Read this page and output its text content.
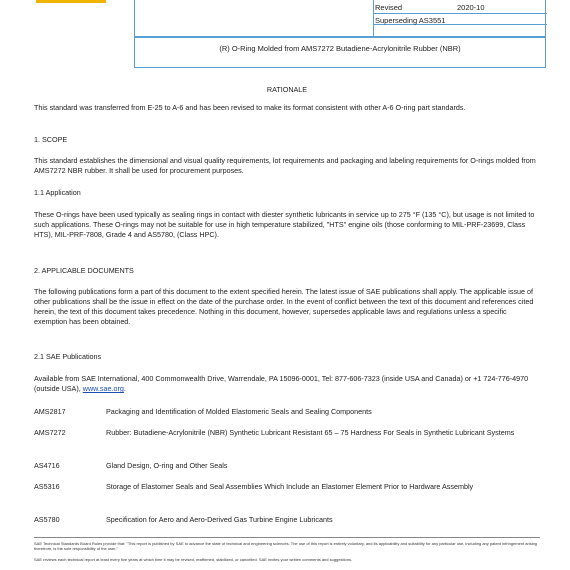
Revised	2020-10
Superseding AS3551
(R) O-Ring Molded from AMS7272 Butadiene-Acrylonitrile Rubber (NBR)
RATIONALE
This standard was transferred from E-25 to A-6 and has been revised to make its format consistent with other A-6 O-ring part standards.
1. SCOPE
This standard establishes the dimensional and visual quality requirements, lot requirements and packaging and labeling requirements for O-rings molded from AMS7272 NBR rubber. It shall be used for procurement purposes.
1.1 Application
These O-rings have been used typically as sealing rings in contact with diester synthetic lubricants in service up to 275 °F (135 °C), but usage is not limited to such applications. These O-rings may not be suitable for use in high temperature stabilized, "HTS" engine oils (those conforming to MIL-PRF-23699, Class HTS), MIL-PRF-7808, Grade 4 and AS5780, (Class HPC).
2. APPLICABLE DOCUMENTS
The following publications form a part of this document to the extent specified herein. The latest issue of SAE publications shall apply. The applicable issue of other publications shall be the issue in effect on the date of the purchase order. In the event of conflict between the text of this document and references cited herein, the text of this document takes precedence. Nothing in this document, however, supersedes applicable laws and regulations unless a specific exemption has been obtained.
2.1 SAE Publications
Available from SAE International, 400 Commonwealth Drive, Warrendale, PA 15096-0001, Tel: 877-606-7323 (inside USA and Canada) or +1 724-776-4970 (outside USA), www.sae.org.
AMS2817	Packaging and Identification of Molded Elastomeric Seals and Sealing Components
AMS7272	Rubber: Butadiene-Acrylonitrile (NBR) Synthetic Lubricant Resistant 65 – 75 Hardness For Seals in Synthetic Lubricant Systems
AS4716	Gland Design, O-ring and Other Seals
AS5316	Storage of Elastomer Seals and Seal Assemblies Which Include an Elastomer Element Prior to Hardware Assembly
AS5780	Specification for Aero and Aero-Derived Gas Turbine Engine Lubricants
SAE Technical Standards Board Rules provide that: "This report is published by SAE to advance the state of technical and engineering sciences. The use of this report is entirely voluntary, and its applicability and suitability for any particular use, including any patent infringement arising therefrom, is the sole responsibility of the user."
SAE reviews each technical report at least every five years at which time it may be revised, reaffirmed, stabilized, or cancelled. SAE invites your written comments and suggestions.
